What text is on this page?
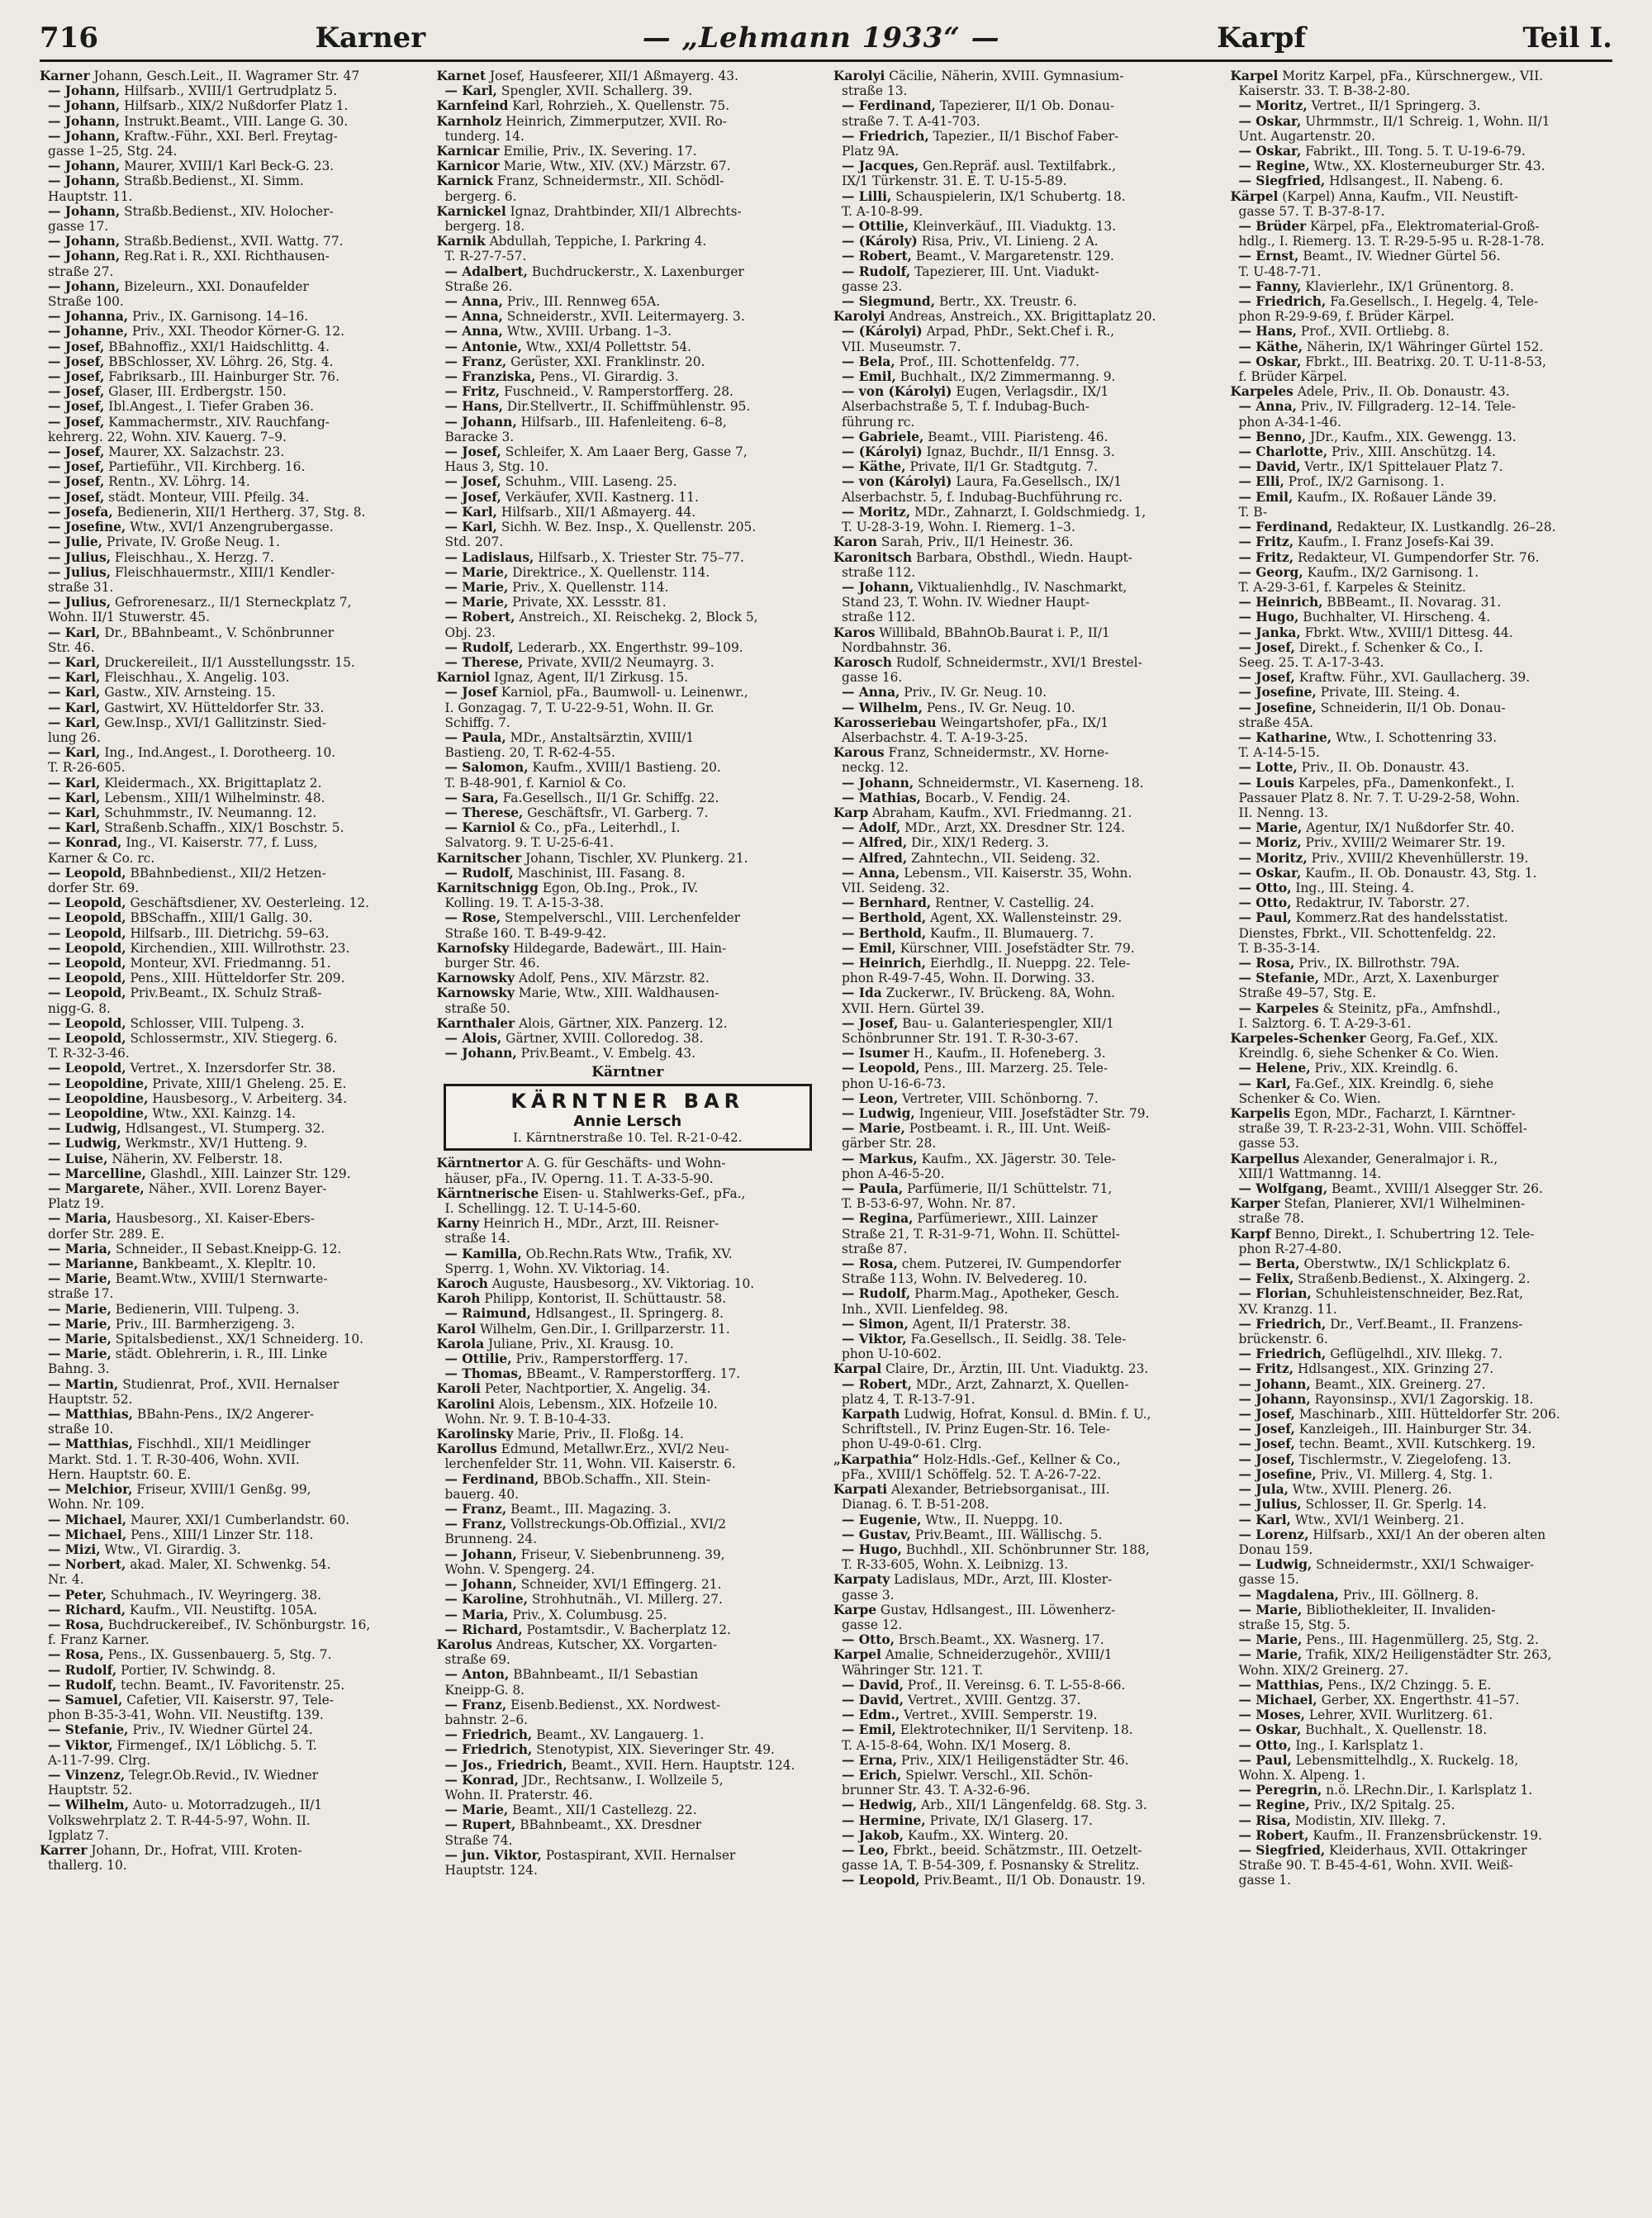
716	Karner	— „Lehmann 1933“ —	Karpf	Teil I.
Karner Johann, Gesch.Leit., II. Wagramer Str. 47
— Johann, Hilfsarb., XVIII/1 Gertrudplatz 5.
— Johann, Hilfsarb., XIX/2 Nußdorfer Platz 1.
— Johann, Instrukt.Beamt., VIII. Lange G. 30.
— Johann, Kraftw.-Führ., XXI. Berl. Freytag-
gasse 1–25, Stg. 24.
— Johann, Maurer, XVIII/1 Karl Beck-G. 23.
— Johann, Straßb.Bedienst., XI. Simm.
Hauptstr. 11.
— Johann, Straßb.Bedienst., XIV. Holocher-
gasse 17.
— Johann, Straßb.Bedienst., XVII. Wattg. 77.
— Johann, Reg.Rat i. R., XXI. Richthausen-
straße 27.
— Johann, Bizeleurn., XXI. Donaufelder
Straße 100.
— Johanna, Priv., IX. Garnisong. 14–16.
— Johanne, Priv., XXI. Theodor Körner-G. 12.
— Josef, BBahnoffiz., XXI/1 Haidschlittg. 4.
— Josef, BBSchlosser, XV. Löhrg. 26, Stg. 4.
— Josef, Fabriksarb., III. Hainburger Str. 76.
— Josef, Glaser, III. Erdbergstr. 150.
— Josef, Ibl.Angest., I. Tiefer Graben 36.
— Josef, Kammachermstr., XIV. Rauchfang-
kehrerg. 22, Wohn. XIV. Kauerg. 7–9.
— Josef, Maurer, XX. Salzachstr. 23.
— Josef, Partieführ., VII. Kirchberg. 16.
— Josef, Rentn., XV. Löhrg. 14.
— Josef, städt. Monteur, VIII. Pfeilg. 34.
— Josefa, Bedienerin, XII/1 Hertherg. 37, Stg. 8.
— Josefine, Wtw., XVI/1 Anzengrubergasse.
— Julie, Private, IV. Große Neug. 1.
— Julius, Fleischhau., X. Herzg. 7.
— Julius, Fleischhauermstr., XIII/1 Kendler-
straße 31.
— Julius, Gefrorenesarz., II/1 Sterneckplatz 7,
Wohn. II/1 Stuwerstr. 45.
— Karl, Dr., BBahnbeamt., V. Schönbrunner
Str. 46.
— Karl, Druckereileit., II/1 Ausstellungsstr. 15.
— Karl, Fleischhau., X. Angelig. 103.
— Karl, Gastw., XIV. Arnsteing. 15.
— Karl, Gastwirt, XV. Hütteldorfer Str. 33.
— Karl, Gew.Insp., XVI/1 Gallitzinstr. Sied-
lung 26.
— Karl, Ing., Ind.Angest., I. Dorotheerg. 10.
T. R-26-605.
— Karl, Kleidermach., XX. Brigittaplatz 2.
— Karl, Lebensm., XIII/1 Wilhelminstr. 48.
— Karl, Schuhmmstr., IV. Neumanng. 12.
— Karl, Straßenb.Schaffn., XIX/1 Boschstr. 5.
— Konrad, Ing., VI. Kaiserstr. 77, f. Luss,
Karner & Co. rc.
— Leopold, BBahnbedienst., XII/2 Hetzen-
dorfer Str. 69.
— Leopold, Geschäftsdiener, XV. Oesterleing. 12.
— Leopold, BBSchaffn., XIII/1 Gallg. 30.
— Leopold, Hilfsarb., III. Dietrichg. 59–63.
— Leopold, Kirchendien., XIII. Willrothstr. 23.
— Leopold, Monteur, XVI. Friedmanng. 51.
— Leopold, Pens., XIII. Hütteldorfer Str. 209.
— Leopold, Priv.Beamt., IX. Schulz Straß-
nigg-G. 8.
— Leopold, Schlosser, VIII. Tulpeng. 3.
— Leopold, Schlossermstr., XIV. Stiegerg. 6.
T. R-32-3-46.
— Leopold, Vertret., X. Inzersdorfer Str. 38.
— Leopoldine, Private, XIII/1 Gheleng. 25. E.
— Leopoldine, Hausbesorg., V. Arbeiterg. 34.
— Leopoldine, Wtw., XXI. Kainzg. 14.
— Ludwig, Hdlsangest., VI. Stumperg. 32.
— Ludwig, Werkmstr., XV/1 Hutteng. 9.
— Luise, Näherin, XV. Felberstr. 18.
— Marcelline, Glashdl., XIII. Lainzer Str. 129.
— Margarete, Näher., XVII. Lorenz Bayer-
Platz 19.
— Maria, Hausbesorg., XI. Kaiser-Ebers-
dorfer Str. 289. E.
— Maria, Schneider., II Sebast.Kneipp-G. 12.
— Marianne, Bankbeamt., X. Klepltr. 10.
— Marie, Beamt.Wtw., XVIII/1 Sternwarte-
straße 17.
— Marie, Bedienerin, VIII. Tulpeng. 3.
— Marie, Priv., III. Barmherzigeng. 3.
— Marie, Spitalsbedienst., XX/1 Schneiderg. 10.
— Marie, städt. Oblehrerin, i. R., III. Linke
Bahng. 3.
— Martin, Studienrat, Prof., XVII. Hernalser
Hauptstr. 52.
— Matthias, BBahn-Pens., IX/2 Angerer-
straße 10.
— Matthias, Fischhdl., XII/1 Meidlinger
Markt. Std. 1. T. R-30-406, Wohn. XVII.
Hern. Hauptstr. 60. E.
— Melchior, Friseur, XVIII/1 Genßg. 99,
Wohn. Nr. 109.
— Michael, Maurer, XXI/1 Cumberlandstr. 60.
— Michael, Pens., XIII/1 Linzer Str. 118.
— Mizi, Wtw., VI. Girardig. 3.
— Norbert, akad. Maler, XI. Schwenkg. 54.
Nr. 4.
— Peter, Schuhmach., IV. Weyringerg. 38.
— Richard, Kaufm., VII. Neustiftg. 105A.
— Rosa, Buchdruckereibef., IV. Schönburgstr. 16,
f. Franz Karner.
— Rosa, Pens., IX. Gussenbauerg. 5, Stg. 7.
— Rudolf, Portier, IV. Schwindg. 8.
— Rudolf, techn. Beamt., IV. Favoritenstr. 25.
— Samuel, Cafetier, VII. Kaiserstr. 97, Tele-
phon B-35-3-41, Wohn. VII. Neustiftg. 139.
— Stefanie, Priv., IV. Wiedner Gürtel 24.
— Viktor, Firmengef., IX/1 Löblichg. 5. T.
A-11-7-99. Clrg.
— Vinzenz, Telegr.Ob.Revid., IV. Wiedner
Hauptstr. 52.
— Wilhelm, Auto- u. Motorradzugeh., II/1
Volkswehrplatz 2. T. R-44-5-97, Wohn. II.
Igplatz 7.
Karrer Johann, Dr., Hofrat, VIII. Kroten-
thallerg. 10.
Karnet Josef, Hausfeerer, XII/1 Aßmayerg. 43.
— Karl, Spengler, XVII. Schallerg. 39.
Karnfeind Karl, Rohrzieh., X. Quellenstr. 75.
Karnholz Heinrich, Zimmerputzer, XVII. Ro-
tunderg. 14.
Karnicar Emilie, Priv., IX. Severing. 17.
Karnicor Marie, Wtw., XIV. (XV.) Märzstr. 67.
Karnick Franz, Schneidermstr., XII. Schödl-
bergerg. 6.
Karnickel Ignaz, Drahtbinder, XII/1 Albrechts-
bergerg. 18.
Karnik Abdullah, Teppiche, I. Parkring 4.
T. R-27-7-57.
— Adalbert, Buchdruckerstr., X. Laxenburger
Straße 26.
— Anna, Priv., III. Rennweg 65A.
— Anna, Schneiderstr., XVII. Leitermayerg. 3.
— Anna, Wtw., XVIII. Urbang. 1–3.
— Antonie, Wtw., XXI/4 Pollettstr. 54.
— Franz, Gerüster, XXI. Franklinstr. 20.
— Franziska, Pens., VI. Girardig. 3.
— Fritz, Fuschneid., V. Ramperstorfferg. 28.
— Hans, Dir.Stellvertr., II. Schiffmühlenstr. 95.
— Johann, Hilfsarb., III. Hafenleiteng. 6–8,
Baracke 3.
— Josef, Schleifer, X. Am Laaer Berg, Gasse 7,
Haus 3, Stg. 10.
— Josef, Schuhm., VIII. Laseng. 25.
— Josef, Verkäufer, XVII. Kastnerg. 11.
— Karl, Hilfsarb., XII/1 Aßmayerg. 44.
— Karl, Sichh. W. Bez. Insp., X. Quellenstr. 205.
Std. 207.
— Ladislaus, Hilfsarb., X. Triester Str. 75–77.
— Marie, Direktrice., X. Quellenstr. 114.
— Marie, Priv., X. Quellenstr. 114.
— Marie, Private, XX. Lessstr. 81.
— Robert, Anstreich., XI. Reischekg. 2, Block 5,
Obj. 23.
— Rudolf, Lederarb., XX. Engerthstr. 99–109.
— Therese, Private, XVII/2 Neumayrg. 3.
Karniol Ignaz, Agent, II/1 Zirkusg. 15.
— Josef Karniol, pFa., Baumwoll- u. Leinenwr.,
I. Gonzagag. 7, T. U-22-9-51, Wohn. II. Gr.
Schiffg. 7.
— Paula, MDr., Anstaltsärztin, XVIII/1
Bastieng. 20, T. R-62-4-55.
— Salomon, Kaufm., XVIII/1 Bastieng. 20.
T. B-48-901, f. Karniol & Co.
— Sara, Fa.Gesellsch., II/1 Gr. Schiffg. 22.
— Therese, Geschäftsfr., VI. Garberg. 7.
— Karniol & Co., pFa., Leiterhdl., I.
Salvatorg. 9. T. U-25-6-41.
Karnitscher Johann, Tischler, XV. Plunkerg. 21.
— Rudolf, Maschinist, III. Fasang. 8.
Karnitschnigg Egon, Ob.Ing., Prok., IV.
Kolling. 19. T. A-15-3-38.
— Rose, Stempelverschl., VIII. Lerchenfelder
Straße 160. T. B-49-9-42.
Karnofsky Hildegarde, Badewärt., III. Hain-
burger Str. 46.
Karnowsky Adolf, Pens., XIV. Märzstr. 82.
Karnowsky Marie, Wtw., XIII. Waldhausen-
straße 50.
Karnthaler Alois, Gärtner, XIX. Panzerg. 12.
— Alois, Gärtner, XVIII. Colloredog. 38.
— Johann, Priv.Beamt., V. Embelg. 43.
Kärntner
KÄRNTNER BAR
Annie Lersch
I. Kärntnerstraße 10. Tel. R-21-0-42.
Kärntnertor A. G. für Geschäfts- und Wohn-
häuser, pFa., IV. Operng. 11. T. A-33-5-90.
Kärntnerische Eisen- u. Stahlwerks-Gef., pFa.,
I. Schellingg. 12. T. U-14-5-60.
Karny Heinrich H., MDr., Arzt, III. Reisner-
straße 14.
— Kamilla, Ob.Rechn.Rats Wtw., Trafik, XV.
Sperrg. 1, Wohn. XV. Viktoriag. 14.
Karoch Auguste, Hausbesorg., XV. Viktoriag. 10.
Karoh Philipp, Kontorist, II. Schüttaustr. 58.
— Raimund, Hdlsangest., II. Springerg. 8.
Karol Wilhelm, Gen.Dir., I. Grillparzerstr. 11.
Karola Juliane, Priv., XI. Krausg. 10.
— Ottilie, Priv., Ramperstorfferg. 17.
— Thomas, BBeamt., V. Ramperstorfferg. 17.
Karoli Peter, Nachtportier, X. Angelig. 34.
Karolini Alois, Lebensm., XIX. Hofzeile 10.
Wohn. Nr. 9. T. B-10-4-33.
Karolinsky Marie, Priv., II. Floßg. 14.
Karollus Edmund, Metallwr.Erz., XVI/2 Neu-
lerchenfelder Str. 11, Wohn. VII. Kaiserstr. 6.
— Ferdinand, BBOb.Schaffn., XII. Stein-
bauerg. 40.
— Franz, Beamt., III. Magazing. 3.
— Franz, Vollstreckungs-Ob.Offizial., XVI/2
Brunneng. 24.
— Johann, Friseur, V. Siebenbrunneng. 39,
Wohn. V. Spengerg. 24.
— Johann, Schneider, XVI/1 Effingerg. 21.
— Karoline, Strohhutnäh., VI. Millerg. 27.
— Maria, Priv., X. Columbusg. 25.
— Richard, Postamtsdir., V. Bacherplatz 12.
Karolus Andreas, Kutscher, XX. Vorgarten-
straße 69.
— Anton, BBahnbeamt., II/1 Sebastian
Kneipp-G. 8.
— Franz, Eisenb.Bedienst., XX. Nordwest-
bahnstr. 2–6.
— Friedrich, Beamt., XV. Langauerg. 1.
— Friedrich, Stenotypist, XIX. Sieveringer Str. 49.
— Jos., Friedrich, Beamt., XVII. Hern. Hauptstr. 124.
— Konrad, JDr., Rechtsanw., I. Wollzeile 5,
Wohn. II. Praterstr. 46.
— Marie, Beamt., XII/1 Castellezg. 22.
— Rupert, BBahnbeamt., XX. Dresdner
Straße 74.
— jun. Viktor, Postaspirant, XVII. Hernalser
Hauptstr. 124.
Karolyi Cäcilie, Näherin, XVIII. Gymnasium-
straße 13.
— Ferdinand, Tapezierer, II/1 Ob. Donau-
straße 7. T. A-41-703.
— Friedrich, Tapezier., II/1 Bischof Faber-
Platz 9A.
— Jacques, Gen.Repräf. ausl. Textilfabrk.,
IX/1 Türkenstr. 31. E. T. U-15-5-89.
— Lilli, Schauspielerin, IX/1 Schubertg. 18.
T. A-10-8-99.
— Ottilie, Kleinverkäuf., III. Viaduktg. 13.
— (Károly) Risa, Priv., VI. Linieng. 2 A.
— Robert, Beamt., V. Margaretenstr. 129.
— Rudolf, Tapezierer, III. Unt. Viadukt-
gasse 23.
— Siegmund, Bertr., XX. Treustr. 6.
Karolyi Andreas, Anstreich., XX. Brigittaplatz 20.
— (Károlyi) Arpad, PhDr., Sekt.Chef i. R.,
VII. Museumstr. 7.
— Bela, Prof., III. Schottenfeldg. 77.
— Emil, Buchhalt., IX/2 Zimmermanng. 9.
— von (Károlyi) Eugen, Verlagsdir., IX/1
Alserbachstraße 5, T. f. Indubag-Buch-
führung rc.
— Gabriele, Beamt., VIII. Piaristeng. 46.
— (Károlyi) Ignaz, Buchdr., II/1 Ennsg. 3.
— Käthe, Private, II/1 Gr. Stadtgutg. 7.
— von (Károlyi) Laura, Fa.Gesellsch., IX/1
Alserbachstr. 5, f. Indubag-Buchführung rc.
— Moritz, MDr., Zahnarzt, I. Goldschmiedg. 1,
T. U-28-3-19, Wohn. I. Riemerg. 1–3.
Karon Sarah, Priv., II/1 Heinestr. 36.
Karonitsch Barbara, Obsthdl., Wiedn. Haupt-
straße 112.
— Johann, Viktualienhdlg., IV. Naschmarkt,
Stand 23, T. Wohn. IV. Wiedner Haupt-
straße 112.
Karos Willibald, BBahnOb.Baurat i. P., II/1
Nordbahnstr. 36.
Karosch Rudolf, Schneidermstr., XVI/1 Brestel-
gasse 16.
— Anna, Priv., IV. Gr. Neug. 10.
— Wilhelm, Pens., IV. Gr. Neug. 10.
Karosseriebau Weingartshofer, pFa., IX/1
Alserbachstr. 4. T. A-19-3-25.
Karous Franz, Schneidermstr., XV. Horne-
neckg. 12.
— Johann, Schneidermstr., VI. Kaserneng. 18.
— Mathias, Bocarb., V. Fendig. 24.
Karp Abraham, Kaufm., XVI. Friedmanng. 21.
— Adolf, MDr., Arzt, XX. Dresdner Str. 124.
— Alfred, Dir., XIX/1 Rederg. 3.
— Alfred, Zahntechn., VII. Seideng. 32.
— Anna, Lebensm., VII. Kaiserstr. 35, Wohn.
VII. Seideng. 32.
— Bernhard, Rentner, V. Castellig. 24.
— Berthold, Agent, XX. Wallensteinstr. 29.
— Berthold, Kaufm., II. Blumauerg. 7.
— Emil, Kürschner, VIII. Josefstädter Str. 79.
— Heinrich, Eierhdlg., II. Nueppg. 22. Tele-
phon R-49-7-45, Wohn. II. Dorwing. 33.
— Ida Zuckerwr., IV. Brückeng. 8A, Wohn.
XVII. Hern. Gürtel 39.
— Josef, Bau- u. Galanteriespengler, XII/1
Schönbrunner Str. 191. T. R-30-3-67.
— Isumer H., Kaufm., II. Hofeneberg. 3.
— Leopold, Pens., III. Marzerg. 25. Tele-
phon U-16-6-73.
— Leon, Vertreter, VIII. Schönborng. 7.
— Ludwig, Ingenieur, VIII. Josefstädter Str. 79.
— Marie, Postbeamt. i. R., III. Unt. Weiß-
gärber Str. 28.
— Markus, Kaufm., XX. Jägerstr. 30. Tele-
phon A-46-5-20.
— Paula, Parfümerie, II/1 Schüttelstr. 71,
T. B-53-6-97, Wohn. Nr. 87.
— Regina, Parfümeriewr., XIII. Lainzer
Straße 21, T. R-31-9-71, Wohn. II. Schüttel-
straße 87.
— Rosa, chem. Putzerei, IV. Gumpendorfer
Straße 113, Wohn. IV. Belvedereg. 10.
— Rudolf, Pharm.Mag., Apotheker, Gesch.
Inh., XVII. Lienfeldeg. 98.
— Simon, Agent, II/1 Praterstr. 38.
— Viktor, Fa.Gesellsch., II. Seidlg. 38. Tele-
phon U-10-602.
Karpal Claire, Dr., Ärztin, III. Unt. Viaduktg. 23.
— Robert, MDr., Arzt, Zahnarzt, X. Quellen-
platz 4, T. R-13-7-91.
Karpath Ludwig, Hofrat, Konsul. d. BMin. f. U.,
Schriftstell., IV. Prinz Eugen-Str. 16. Tele-
phon U-49-0-61. Clrg.
„Karpathia“ Holz-Hdls.-Gef., Kellner & Co.,
pFa., XVIII/1 Schöffelg. 52. T. A-26-7-22.
Karpati Alexander, Betriebsorganisat., III.
Dianag. 6. T. B-51-208.
— Eugenie, Wtw., II. Nueppg. 10.
— Gustav, Priv.Beamt., III. Wällischg. 5.
— Hugo, Buchhdl., XII. Schönbrunner Str. 188,
T. R-33-605, Wohn. X. Leibnizg. 13.
Karpaty Ladislaus, MDr., Arzt, III. Kloster-
gasse 3.
Karpe Gustav, Hdlsangest., III. Löwenherz-
gasse 12.
— Otto, Brsch.Beamt., XX. Wasnerg. 17.
Karpel Amalie, Schneiderzugehör., XVIII/1
Währinger Str. 121. T.
— David, Prof., II. Vereinsg. 6. T. L-55-8-66.
— David, Vertret., XVIII. Gentzg. 37.
— Edm., Vertret., XVIII. Semperstr. 19.
— Emil, Elektrotechniker, II/1 Servitenp. 18.
T. A-15-8-64, Wohn. IX/1 Moserg. 8.
— Erna, Priv., XIX/1 Heiligenstädter Str. 46.
— Erich, Spielwr. Verschl., XII. Schön-
brunner Str. 43. T. A-32-6-96.
— Hedwig, Arb., XII/1 Längenfeldg. 68. Stg. 3.
— Hermine, Private, IX/1 Glaserg. 17.
— Jakob, Kaufm., XX. Winterg. 20.
— Leo, Fbrkt., beeid. Schätzmstr., III. Oetzelt-
gasse 1A, T. B-54-309, f. Posnansky & Strelitz.
— Leopold, Priv.Beamt., II/1 Ob. Donaustr. 19.
Karpel Moritz Karpel, pFa., Kürschnergew., VII.
Kaiserstr. 33. T. B-38-2-80.
— Moritz, Vertret., II/1 Springerg. 3.
— Oskar, Uhrmmstr., II/1 Schreig. 1, Wohn. II/1
Unt. Augartenstr. 20.
— Oskar, Fabrikt., III. Tong. 5. T. U-19-6-79.
— Regine, Wtw., XX. Klosterneuburger Str. 43.
— Siegfried, Hdlsangest., II. Nabeng. 6.
Kärpel (Karpel) Anna, Kaufm., VII. Neustift-
gasse 57. T. B-37-8-17.
— Brüder Kärpel, pFa., Elektromaterial-Groß-
hdlg., I. Riemerg. 13. T. R-29-5-95 u. R-28-1-78.
— Ernst, Beamt., IV. Wiedner Gürtel 56.
T. U-48-7-71.
— Fanny, Klavierlehr., IX/1 Grünentorg. 8.
— Friedrich, Fa.Gesellsch., I. Hegelg. 4, Tele-
phon R-29-9-69, f. Brüder Kärpel.
— Hans, Prof., XVII. Ortliebg. 8.
— Käthe, Näherin, IX/1 Währinger Gürtel 152.
— Oskar, Fbrkt., III. Beatrixg. 20. T. U-11-8-53,
f. Brüder Kärpel.
Karpeles Adele, Priv., II. Ob. Donaustr. 43.
— Anna, Priv., IV. Fillgraderg. 12–14. Tele-
phon A-34-1-46.
— Benno, JDr., Kaufm., XIX. Gewengg. 13.
— Charlotte, Priv., XIII. Anschützg. 14.
— David, Vertr., IX/1 Spittelauer Platz 7.
— Elli, Prof., IX/2 Garnisong. 1.
— Emil, Kaufm., IX. Roßauer Lände 39.
T. B-
— Ferdinand, Redakteur, IX. Lustkandlg. 26–28.
— Fritz, Kaufm., I. Franz Josefs-Kai 39.
— Fritz, Redakteur, VI. Gumpendorfer Str. 76.
— Georg, Kaufm., IX/2 Garnisong. 1.
T. A-29-3-61, f. Karpeles & Steinitz.
— Heinrich, BBBeamt., II. Novarag. 31.
— Hugo, Buchhalter, VI. Hirscheng. 4.
— Janka, Fbrkt. Wtw., XVIII/1 Dittesg. 44.
— Josef, Direkt., f. Schenker & Co., I.
Seeg. 25. T. A-17-3-43.
— Josef, Kraftw. Führ., XVI. Gaullacherg. 39.
— Josefine, Private, III. Steing. 4.
— Josefine, Schneiderin, II/1 Ob. Donau-
straße 45A.
— Katharine, Wtw., I. Schottenring 33.
T. A-14-5-15.
— Lotte, Priv., II. Ob. Donaustr. 43.
— Louis Karpeles, pFa., Damenkonfekt., I.
Passauer Platz 8. Nr. 7. T. U-29-2-58, Wohn.
II. Nenng. 13.
— Marie, Agentur, IX/1 Nußdorfer Str. 40.
— Moriz, Priv., XVIII/2 Weimarer Str. 19.
— Moritz, Priv., XVIII/2 Khevenhüllerstr. 19.
— Oskar, Kaufm., II. Ob. Donaustr. 43, Stg. 1.
— Otto, Ing., III. Steing. 4.
— Otto, Redaktrur, IV. Taborstr. 27.
— Paul, Kommerz.Rat des handelsstatist.
Dienstes, Fbrkt., VII. Schottenfeldg. 22.
T. B-35-3-14.
— Rosa, Priv., IX. Billrothstr. 79A.
— Stefanie, MDr., Arzt, X. Laxenburger
Straße 49–57, Stg. E.
— Karpeles & Steinitz, pFa., Amfnshdl.,
I. Salztorg. 6. T. A-29-3-61.
Karpeles-Schenker Georg, Fa.Gef., XIX.
Kreindlg. 6, siehe Schenker & Co. Wien.
— Helene, Priv., XIX. Kreindlg. 6.
— Karl, Fa.Gef., XIX. Kreindlg. 6, siehe
Schenker & Co. Wien.
Karpelis Egon, MDr., Facharzt, I. Kärntner-
straße 39, T. R-23-2-31, Wohn. VIII. Schöffel-
gasse 53.
Karpellus Alexander, Generalmajor i. R.,
XIII/1 Wattmanng. 14.
— Wolfgang, Beamt., XVIII/1 Alsegger Str. 26.
Karper Stefan, Planierer, XVI/1 Wilhelminen-
straße 78.
Karpf Benno, Direkt., I. Schubertring 12. Tele-
phon R-27-4-80.
— Berta, Oberstwtw., IX/1 Schlickplatz 6.
— Felix, Straßenb.Bedienst., X. Alxingerg. 2.
— Florian, Schuhleistenschneider, Bez.Rat,
XV. Kranzg. 11.
— Friedrich, Dr., Verf.Beamt., II. Franzens-
brückenstr. 6.
— Friedrich, Geflügelhdl., XIV. Illekg. 7.
— Fritz, Hdlsangest., XIX. Grinzing 27.
— Johann, Beamt., XIX. Greinerg. 27.
— Johann, Rayonsinsp., XVI/1 Zagorskig. 18.
— Josef, Maschinarb., XIII. Hütteldorfer Str. 206.
— Josef, Kanzleigeh., III. Hainburger Str. 34.
— Josef, techn. Beamt., XVII. Kutschkerg. 19.
— Josef, Tischlermstr., V. Ziegelofeng. 13.
— Josefine, Priv., VI. Millerg. 4, Stg. 1.
— Jula, Wtw., XVIII. Plenerg. 26.
— Julius, Schlosser, II. Gr. Sperlg. 14.
— Karl, Wtw., XVI/1 Weinberg. 21.
— Lorenz, Hilfsarb., XXI/1 An der oberen alten
Donau 159.
— Ludwig, Schneidermstr., XXI/1 Schwaiger-
gasse 15.
— Magdalena, Priv., III. Göllnerg. 8.
— Marie, Bibliothekleiter, II. Invaliden-
straße 15, Stg. 5.
— Marie, Pens., III. Hagenmüllerg. 25, Stg. 2.
— Marie, Trafik, XIX/2 Heiligenstädter Str. 263,
Wohn. XIX/2 Greinerg. 27.
— Matthias, Pens., IX/2 Chzingg. 5. E.
— Michael, Gerber, XX. Engerthstr. 41–57.
— Moses, Lehrer, XVII. Wurlitzerg. 61.
— Oskar, Buchhalt., X. Quellenstr. 18.
— Otto, Ing., I. Karlsplatz 1.
— Paul, Lebensmittelhdlg., X. Ruckelg. 18,
Wohn. X. Alpeng. 1.
— Peregrin, n.ö. LRechn.Dir., I. Karlsplatz 1.
— Regine, Priv., IX/2 Spitalg. 25.
— Risa, Modistin, XIV. Illekg. 7.
— Robert, Kaufm., II. Franzensbrückenstr. 19.
— Siegfried, Kleiderhaus, XVII. Ottakringer
Straße 90. T. B-45-4-61, Wohn. XVII. Weiß-
gasse 1.
